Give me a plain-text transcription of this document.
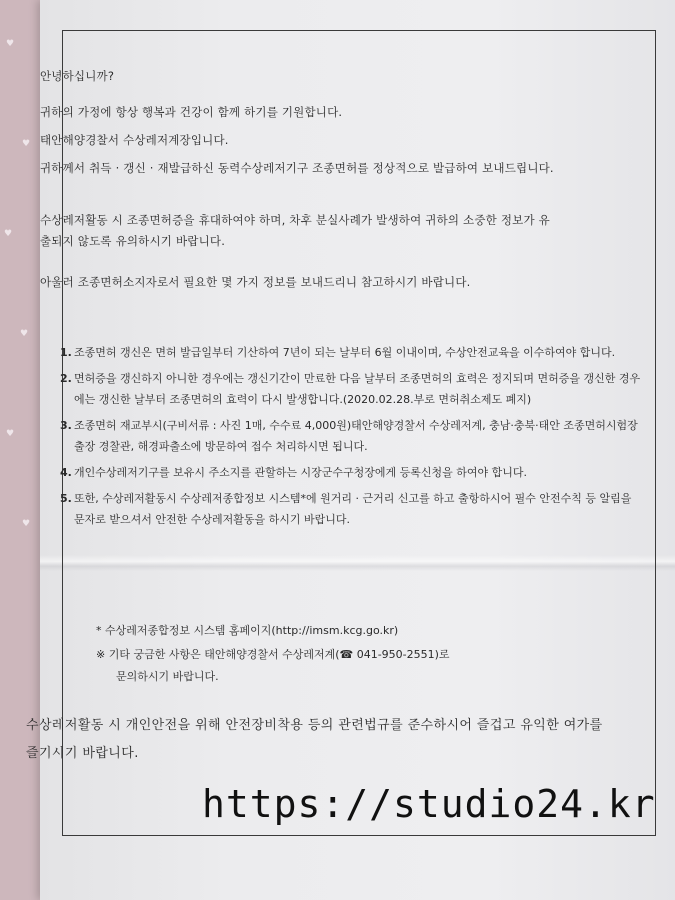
♥
♥
♥
♥
♥
♥
안녕하십니까?
귀하의 가정에 항상 행복과 건강이 함께 하기를 기원합니다.
태안해양경찰서 수상레저계장입니다.
귀하께서 취득 · 갱신 · 재발급하신 동력수상레저기구 조종면허를 정상적으로 발급하여 보내드립니다.
수상레저활동 시 조종면허증을 휴대하여야 하며, 차후 분실사례가 발생하여 귀하의 소중한 정보가 유출되지 않도록 유의하시기 바랍니다.
아울러 조종면허소지자로서 필요한 몇 가지 정보를 보내드리니 참고하시기 바랍니다.
1. 조종면허 갱신은 면허 발급일부터 기산하여 7년이 되는 날부터 6월 이내이며, 수상안전교육을 이수하여야 합니다.
2. 면허증을 갱신하지 아니한 경우에는 갱신기간이 만료한 다음 날부터 조종면허의 효력은 정지되며 면허증을 갱신한 경우에는 갱신한 날부터 조종면허의 효력이 다시 발생합니다.(2020.02.28.부로 면허취소제도 폐지)
3. 조종면허 재교부시(구비서류 : 사진 1매, 수수료 4,000원)태안해양경찰서 수상레저계, 충남·충북·태안 조종면허시험장 출장 경찰관, 해경파출소에 방문하여 접수 처리하시면 됩니다.
4. 개인수상레저기구를 보유시 주소지를 관할하는 시장군수구청장에게 등록신청을 하여야 합니다.
5. 또한, 수상레저활동시 수상레저종합정보 시스템*에 원거리 · 근거리 신고를 하고 출항하시어 필수 안전수칙 등 알림을 문자로 받으셔서 안전한 수상레저활동을 하시기 바랍니다.
* 수상레저종합정보 시스템 홈페이지(http://imsm.kcg.go.kr)
※ 기타 궁금한 사항은 태안해양경찰서 수상레저계(☎ 041-950-2551)로
문의하시기 바랍니다.
수상레저활동 시 개인안전을 위해 안전장비착용 등의 관련법규를 준수하시어 즐겁고 유익한 여가를 즐기시기 바랍니다.
https://studio24.kr
